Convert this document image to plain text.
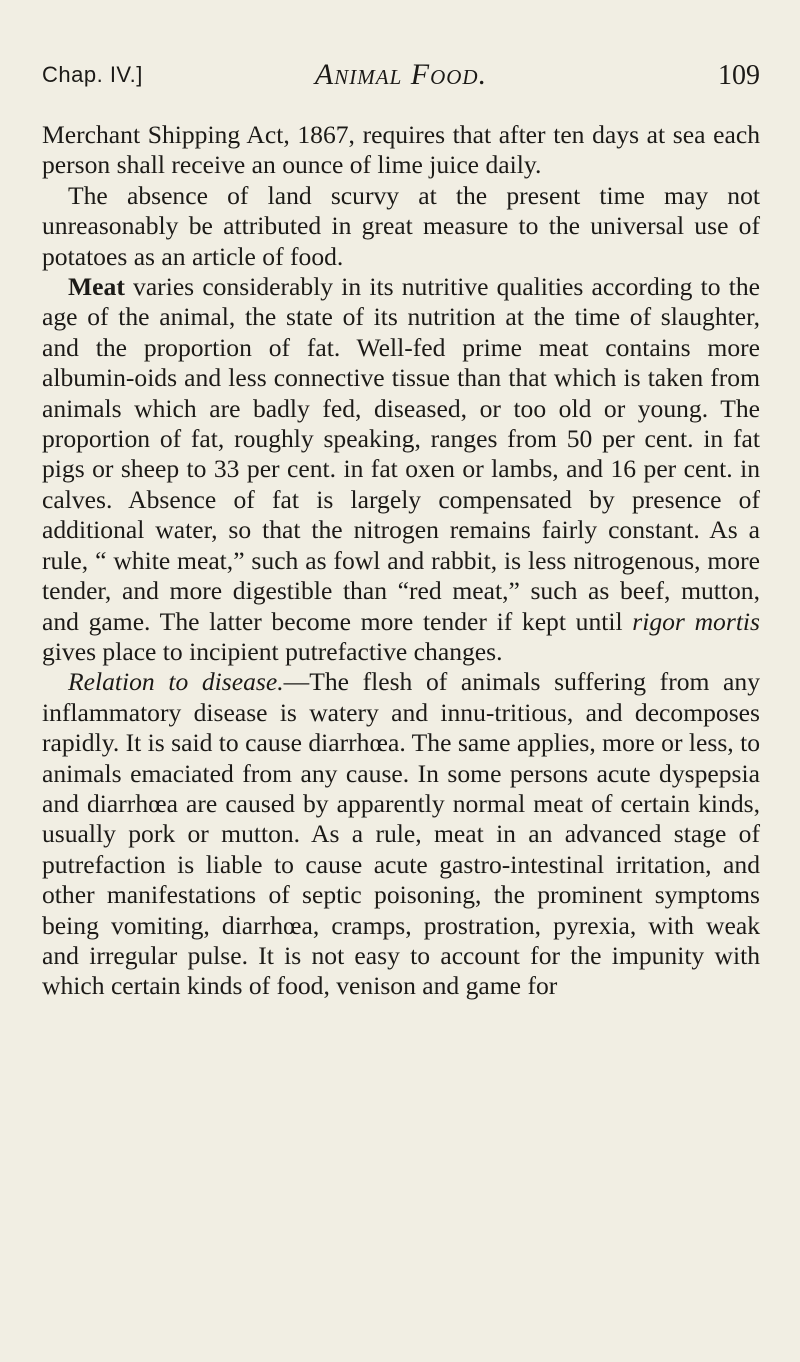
Chap. IV.]	Animal Food.	109

Merchant Shipping Act, 1867, requires that after ten days at sea each person shall receive an ounce of lime juice daily.

The absence of land scurvy at the present time may not unreasonably be attributed in great measure to the universal use of potatoes as an article of food.

Meat varies considerably in its nutritive qualities according to the age of the animal, the state of its nutrition at the time of slaughter, and the proportion of fat. Well-fed prime meat contains more albumin-oids and less connective tissue than that which is taken from animals which are badly fed, diseased, or too old or young. The proportion of fat, roughly speaking, ranges from 50 per cent. in fat pigs or sheep to 33 per cent. in fat oxen or lambs, and 16 per cent. in calves. Absence of fat is largely compensated by presence of additional water, so that the nitrogen remains fairly constant. As a rule, “ white meat,” such as fowl and rabbit, is less nitrogenous, more tender, and more digestible than “red meat,” such as beef, mutton, and game. The latter become more tender if kept until rigor mortis gives place to incipient putrefactive changes.

Relation to disease.—The flesh of animals suffering from any inflammatory disease is watery and innu-tritious, and decomposes rapidly. It is said to cause diarrhœa. The same applies, more or less, to animals emaciated from any cause. In some persons acute dyspepsia and diarrhœa are caused by apparently normal meat of certain kinds, usually pork or mutton. As a rule, meat in an advanced stage of putrefaction is liable to cause acute gastro-intestinal irritation, and other manifestations of septic poisoning, the prominent symptoms being vomiting, diarrhœa, cramps, prostration, pyrexia, with weak and irregular pulse. It is not easy to account for the impunity with which certain kinds of food, venison and game for
